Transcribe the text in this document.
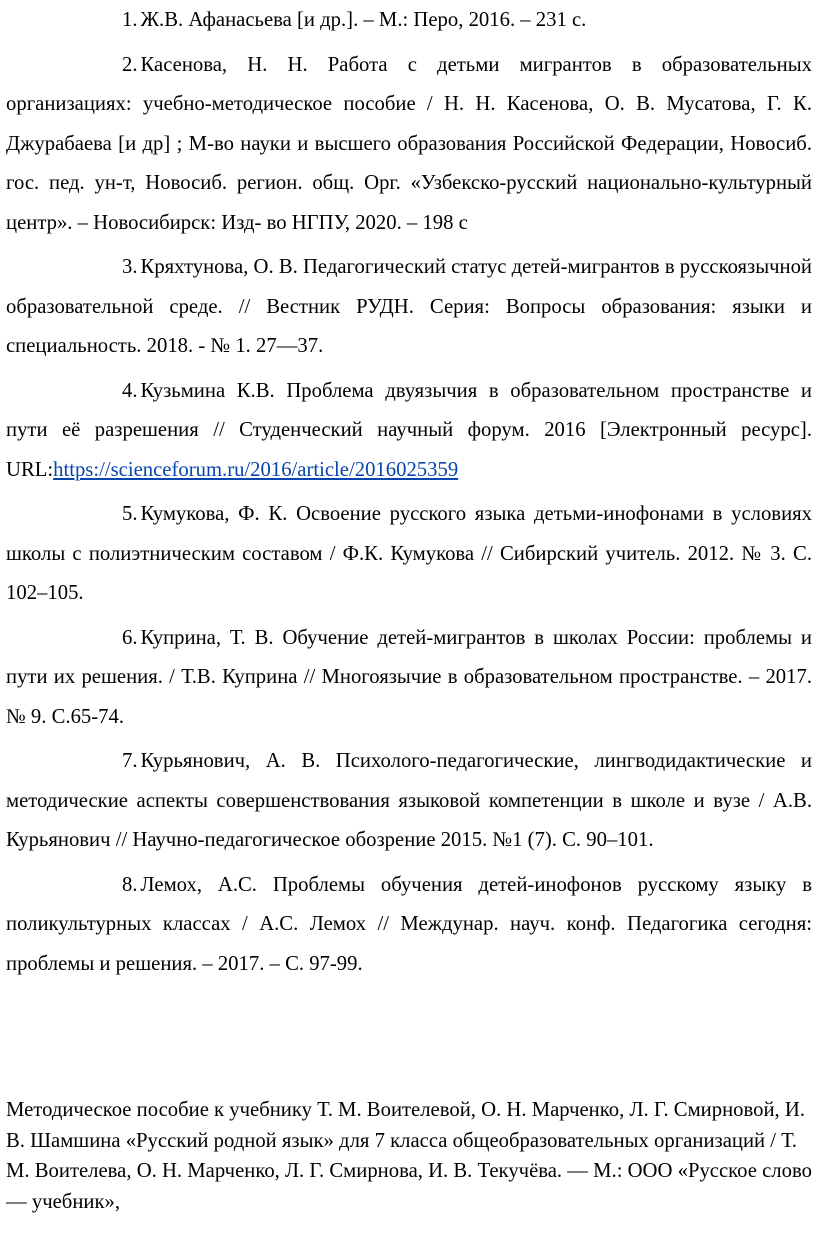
1. Ж.В. Афанасьева [и др.]. – М.: Перо, 2016. – 231 с.

2. Касенова, Н. Н. Работа с детьми мигрантов в образовательных организациях: учебно-методическое пособие / Н. Н. Касенова, О. В. Мусатова, Г. К. Джурабаева [и др] ; М-во науки и высшего образования Российской Федерации, Новосиб. гос. пед. ун-т, Новосиб. регион. общ. Орг. «Узбекско-русский национально-культурный центр». – Новосибирск: Изд- во НГПУ, 2020. – 198 с

3. Кряхтунова, О. В. Педагогический статус детей-мигрантов в русскоязычной образовательной среде. // Вестник РУДН. Серия: Вопросы образования: языки и специальность. 2018. - № 1. 27—37.

4. Кузьмина К.В. Проблема двуязычия в образовательном пространстве и пути её разрешения // Студенческий научный форум. 2016 [Электронный ресурс]. URL:https://scienceforum.ru/2016/article/2016025359

5. Кумукова, Ф. К. Освоение русского языка детьми-инофонами в условиях школы с полиэтническим составом / Ф.К. Кумукова // Сибирский учитель. 2012. № 3. С. 102–105.

6. Куприна, Т. В. Обучение детей-мигрантов в школах России: проблемы и пути их решения. / Т.В. Куприна // Многоязычие в образовательном пространстве. – 2017. № 9. С.65-74.

7. Курьянович, А. В. Психолого-педагогические, лингводидактические и методические аспекты совершенствования языковой компетенции в школе и вузе / А.В. Курьянович // Научно-педагогическое обозрение 2015. №1 (7). С. 90–101.

8. Лемох, А.С. Проблемы обучения детей-инофонов русскому языку в поликультурных классах / А.С. Лемох // Междунар. науч. конф. Педагогика сегодня: проблемы и решения. – 2017. – С. 97-99.

Методическое пособие к учебнику Т. М. Воителевой, О. Н. Марченко, Л. Г. Смирновой, И. В. Шамшина «Русский родной язык» для 7 класса общеобразовательных организаций / Т. М. Воителева, О. Н. Марченко, Л. Г. Смирнова, И. В. Текучёва. — М.: ООО «Русское слово — учебник»,
